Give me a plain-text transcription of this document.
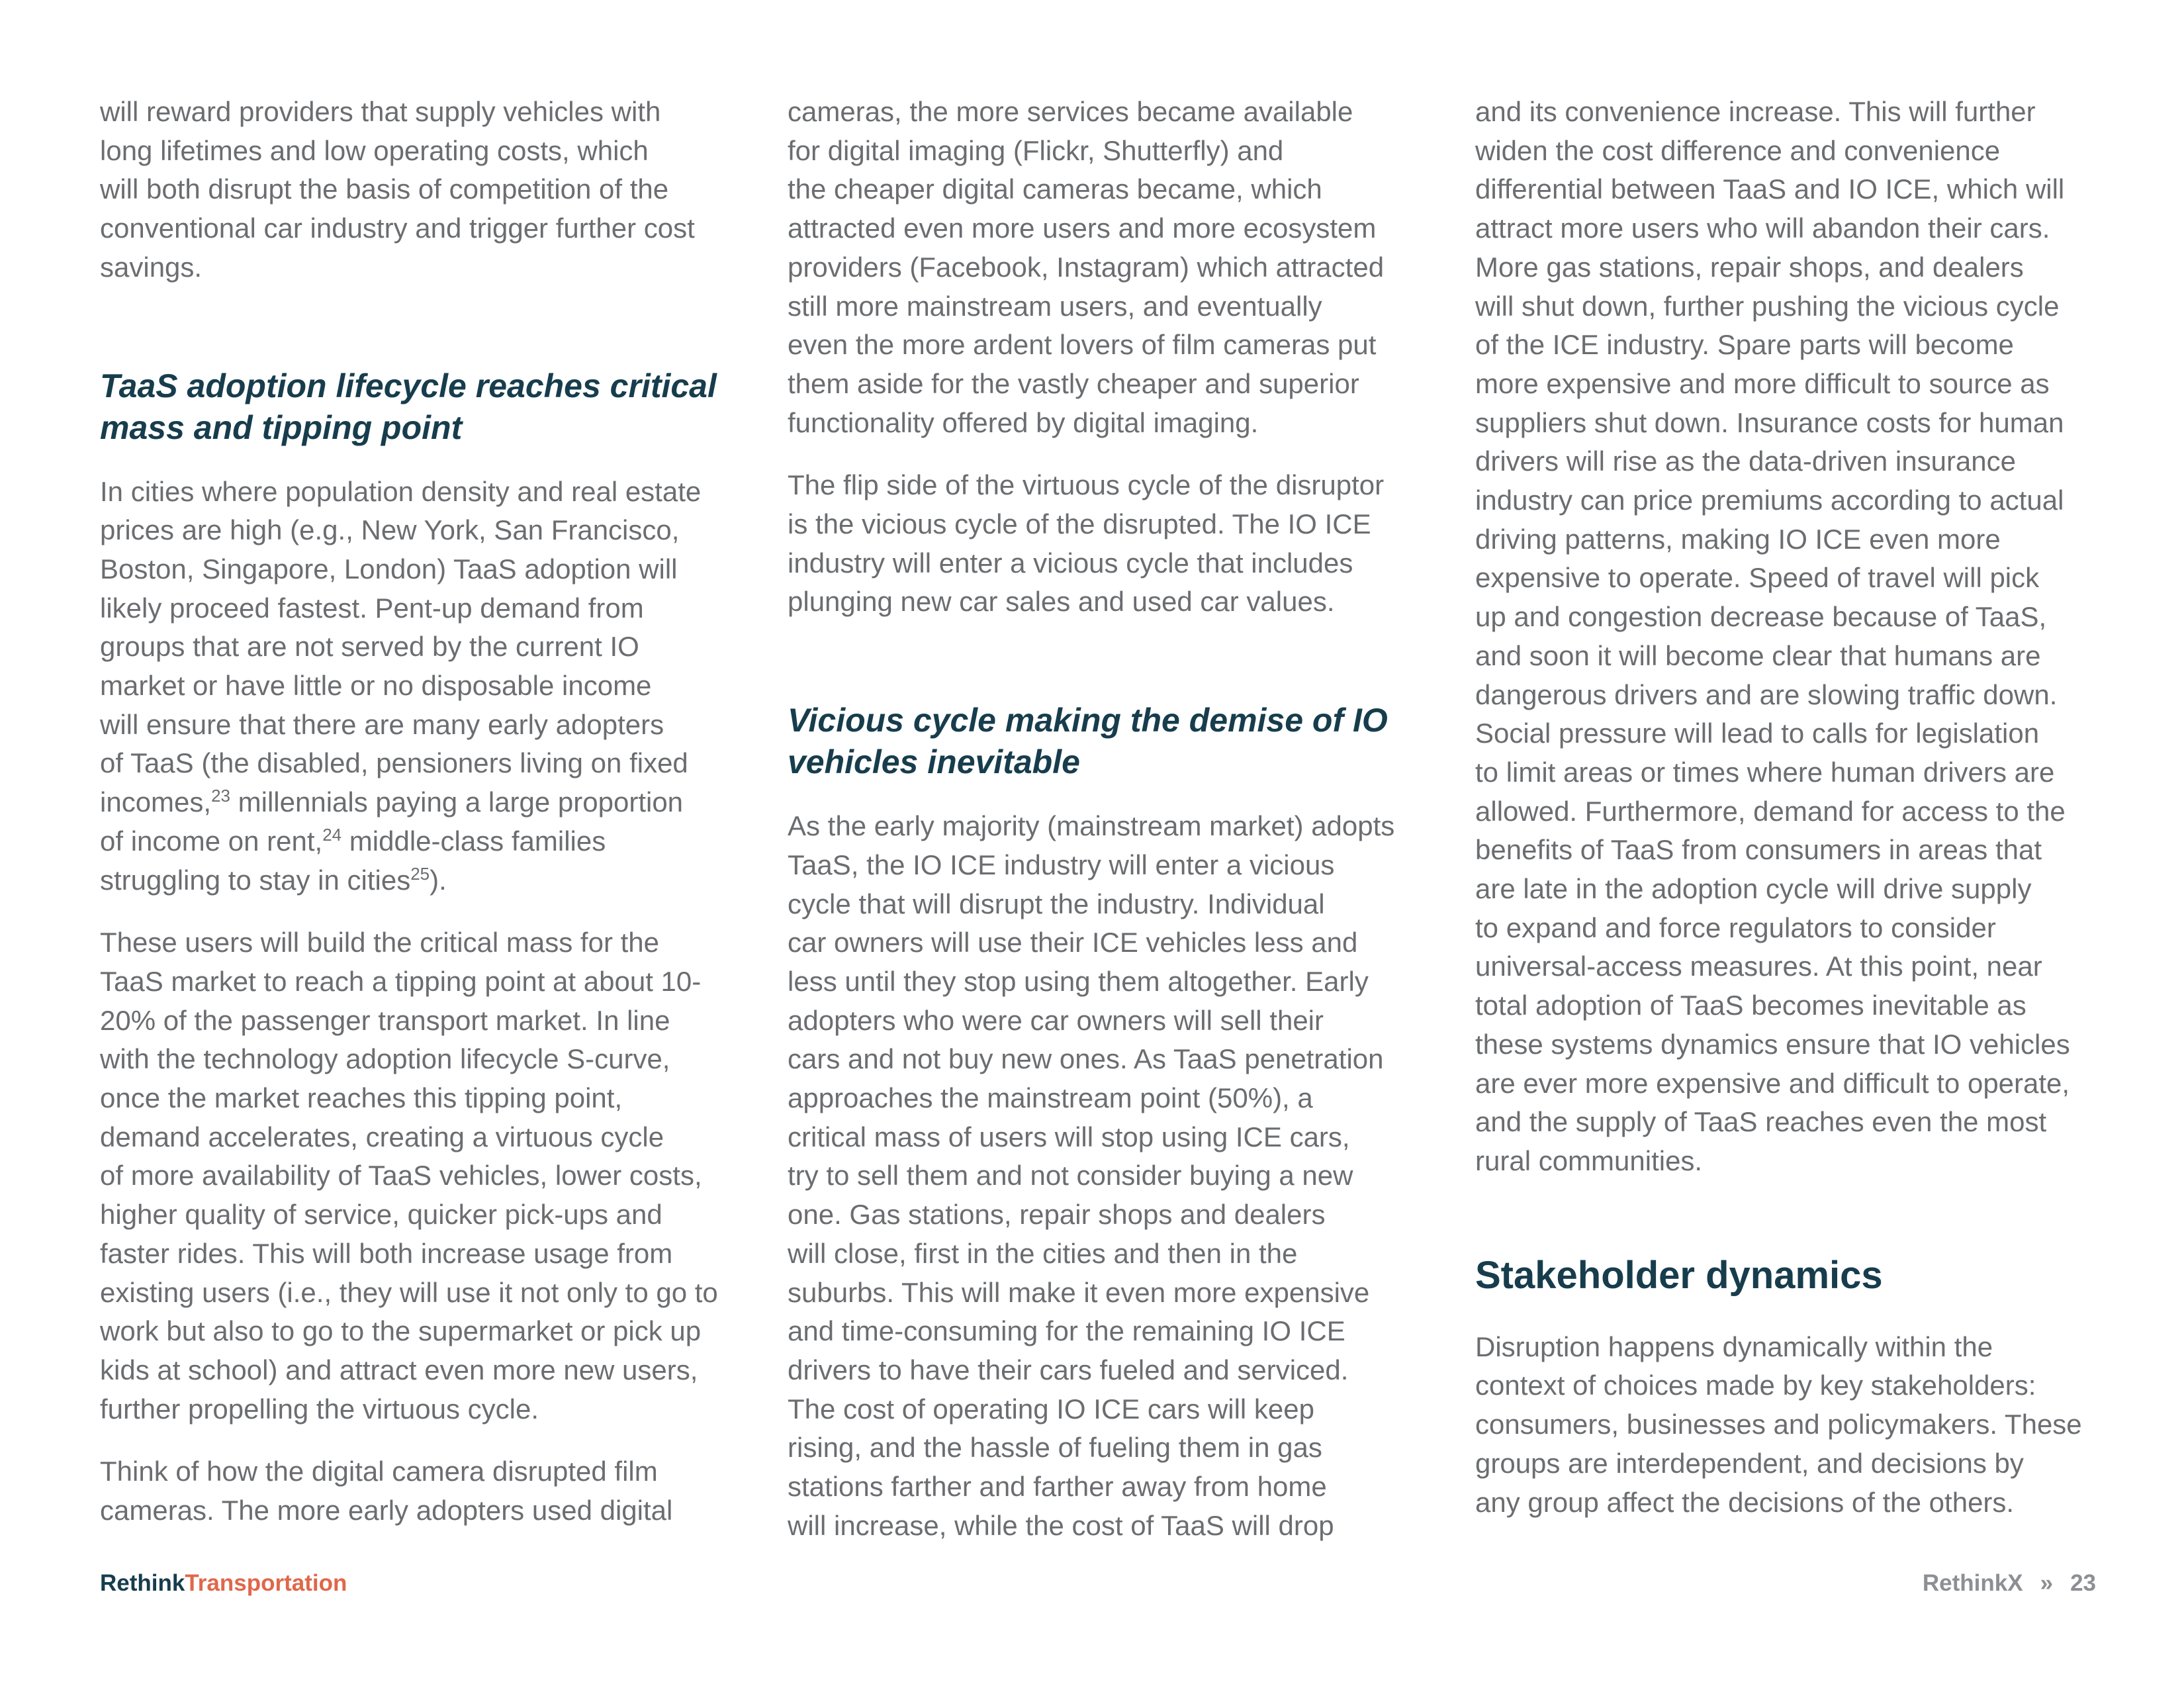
will reward providers that supply vehicles with
long lifetimes and low operating costs, which
will both disrupt the basis of competition of the
conventional car industry and trigger further cost
savings.

TaaS adoption lifecycle reaches critical
mass and tipping point

In cities where population density and real estate
prices are high (e.g., New York, San Francisco,
Boston, Singapore, London) TaaS adoption will
likely proceed fastest. Pent-up demand from
groups that are not served by the current IO
market or have little or no disposable income
will ensure that there are many early adopters
of TaaS (the disabled, pensioners living on fixed
incomes,$^{23}$ millennials paying a large proportion
of income on rent,$^{24}$ middle-class families
struggling to stay in cities$^{25}$).

These users will build the critical mass for the
TaaS market to reach a tipping point at about 10-
20% of the passenger transport market. In line
with the technology adoption lifecycle S-curve,
once the market reaches this tipping point,
demand accelerates, creating a virtuous cycle
of more availability of TaaS vehicles, lower costs,
higher quality of service, quicker pick-ups and
faster rides. This will both increase usage from
existing users (i.e., they will use it not only to go to
work but also to go to the supermarket or pick up
kids at school) and attract even more new users,
further propelling the virtuous cycle.

Think of how the digital camera disrupted film
cameras. The more early adopters used digital

cameras, the more services became available
for digital imaging (Flickr, Shutterfly) and
the cheaper digital cameras became, which
attracted even more users and more ecosystem
providers (Facebook, Instagram) which attracted
still more mainstream users, and eventually
even the more ardent lovers of film cameras put
them aside for the vastly cheaper and superior
functionality offered by digital imaging.

The flip side of the virtuous cycle of the disruptor
is the vicious cycle of the disrupted. The IO ICE
industry will enter a vicious cycle that includes
plunging new car sales and used car values.

Vicious cycle making the demise of IO
vehicles inevitable

As the early majority (mainstream market) adopts
TaaS, the IO ICE industry will enter a vicious
cycle that will disrupt the industry. Individual
car owners will use their ICE vehicles less and
less until they stop using them altogether. Early
adopters who were car owners will sell their
cars and not buy new ones. As TaaS penetration
approaches the mainstream point (50%), a
critical mass of users will stop using ICE cars,
try to sell them and not consider buying a new
one. Gas stations, repair shops and dealers
will close, first in the cities and then in the
suburbs. This will make it even more expensive
and time-consuming for the remaining IO ICE
drivers to have their cars fueled and serviced.
The cost of operating IO ICE cars will keep
rising, and the hassle of fueling them in gas
stations farther and farther away from home
will increase, while the cost of TaaS will drop

and its convenience increase. This will further
widen the cost difference and convenience
differential between TaaS and IO ICE, which will
attract more users who will abandon their cars.
More gas stations, repair shops, and dealers
will shut down, further pushing the vicious cycle
of the ICE industry. Spare parts will become
more expensive and more difficult to source as
suppliers shut down. Insurance costs for human
drivers will rise as the data-driven insurance
industry can price premiums according to actual
driving patterns, making IO ICE even more
expensive to operate. Speed of travel will pick
up and congestion decrease because of TaaS,
and soon it will become clear that humans are
dangerous drivers and are slowing traffic down.
Social pressure will lead to calls for legislation
to limit areas or times where human drivers are
allowed. Furthermore, demand for access to the
benefits of TaaS from consumers in areas that
are late in the adoption cycle will drive supply
to expand and force regulators to consider
universal-access measures. At this point, near
total adoption of TaaS becomes inevitable as
these systems dynamics ensure that IO vehicles
are ever more expensive and difficult to operate,
and the supply of TaaS reaches even the most
rural communities.

Stakeholder dynamics

Disruption happens dynamically within the
context of choices made by key stakeholders:
consumers, businesses and policymakers. These
groups are interdependent, and decisions by
any group affect the decisions of the others.

RethinkTransportation	RethinkX » 23
